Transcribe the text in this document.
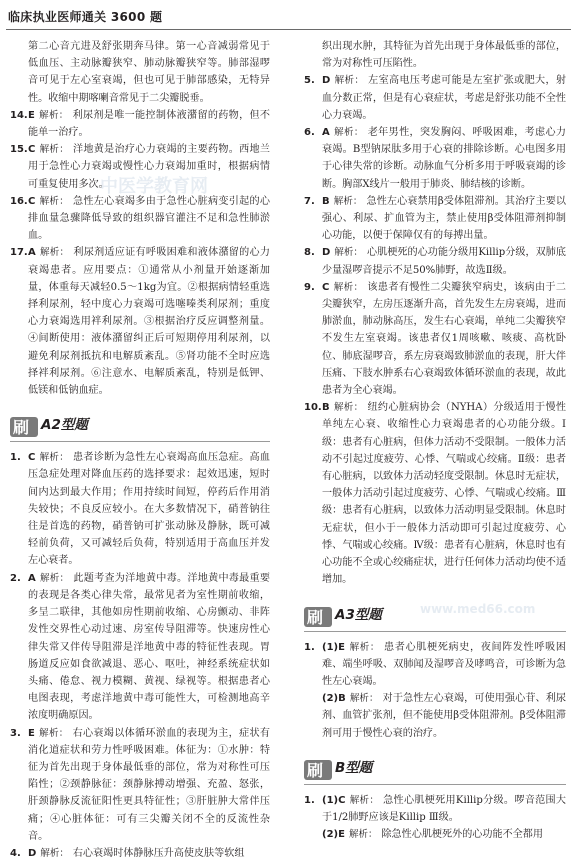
临床执业医师通关 3600 题

第二心音亢进及舒张期奔马律。第一心音减弱常见于低血压、主动脉瓣狭窄、肺动脉瓣狭窄等。肺部湿啰音可见于左心室衰竭，但也可见于肺部感染，无特异性。收缩中期喀喇音常见于二尖瓣脱垂。

14. E 解析： 利尿剂是唯一能控制体液潴留的药物，但不能单一治疗。

15. C 解析： 洋地黄是治疗心力衰竭的主要药物。西地兰用于急性心力衰竭或慢性心力衰竭加重时，根据病情可重复使用多次。

16. C 解析： 急性左心衰竭多由于急性心脏病变引起的心排血量急骤降低导致的组织器官灌注不足和急性肺淤血。

17. A 解析： 利尿剂适应证有呼吸困难和液体潴留的心力衰竭患者。应用要点：①通常从小剂量开始逐渐加量，体重每天减轻0.5～1kg为宜。②根据病情轻重选择利尿剂，轻中度心力衰竭可选噻嗪类利尿剂；重度心力衰竭选用袢利尿剂。③根据治疗反应调整剂量。④间断使用：液体潴留纠正后可短期停用利尿剂，以避免利尿剂抵抗和电解质紊乱。⑤肾功能不全时应选择袢利尿剂。⑥注意水、电解质紊乱，特别是低钾、低镁和低钠血症。

刷 A2型题

1. C 解析： 患者诊断为急性左心衰竭高血压急症。高血压急症处理对降血压药的选择要求：起效迅速，短时间内达到最大作用；作用持续时间短，停药后作用消失较快；不良反应较小。在大多数情况下，硝普钠往往是首选的药物，硝普钠可扩张动脉及静脉，既可减轻前负荷，又可减轻后负荷，特别适用于高血压并发左心衰者。

2. A 解析： 此题考查为洋地黄中毒。洋地黄中毒最重要的表现是各类心律失常，最常见者为室性期前收缩，多呈二联律，其他如房性期前收缩、心房颤动、非阵发性交界性心动过速、房室传导阻滞等。快速房性心律失常又伴传导阻滞是洋地黄中毒的特征性表现。胃肠道反应如食欲减退、恶心、呕吐，神经系统症状如头痛、倦怠、视力模糊、黄视、绿视等。根据患者心电图表现，考虑洋地黄中毒可能性大，可检测地高辛浓度明确原因。

3. E 解析： 右心衰竭以体循环淤血的表现为主，症状有消化道症状和劳力性呼吸困难。体征为：①水肿：特征为首先出现于身体最低垂的部位，常为对称性可压陷性；②颈静脉征：颈静脉搏动增强、充盈、怒张，肝颈静脉反流征阳性更具特征性；③肝脏肿大常伴压痛；④心脏体征：可有三尖瓣关闭不全的反流性杂音。

4. D 解析： 右心衰竭时体静脉压升高使皮肤等软组

织出现水肿，其特征为首先出现于身体最低垂的部位，常为对称性可压陷性。

5. D 解析： 左室高电压考虑可能是左室扩张或肥大，射血分数正常，但是有心衰症状，考虑是舒张功能不全性心力衰竭。

6. A 解析： 老年男性，突发胸闷、呼吸困难，考虑心力衰竭。B型钠尿肽多用于心衰的排除诊断。心电图多用于心律失常的诊断。动脉血气分析多用于呼吸衰竭的诊断。胸部X线片一般用于肺炎、肺结核的诊断。

7. B 解析： 急性左心衰禁用β受体阻滞剂。其治疗主要以强心、利尿、扩血管为主，禁止使用β受体阻滞剂抑制心功能，以便于保障仅有的每搏出量。

8. D 解析： 心肌梗死的心功能分级用Killip分级，双肺底少量湿啰音提示不足50%肺野，故选Ⅱ级。

9. C 解析： 该患者有慢性二尖瓣狭窄病史，该病由于二尖瓣狭窄，左房压逐渐升高，首先发生左房衰竭，进而肺淤血，肺动脉高压，发生右心衰竭，单纯二尖瓣狭窄不发生左室衰竭。该患者仅1周咳嗽、咳痰、高枕卧位、肺底湿啰音，系左房衰竭致肺淤血的表现，肝大伴压痛、下肢水肿系右心衰竭致体循环淤血的表现，故此患者为全心衰竭。

10. B 解析： 纽约心脏病协会（NYHA）分级适用于慢性单纯左心衰、收缩性心力衰竭患者的心功能分级。Ⅰ级：患者有心脏病，但体力活动不受限制。一般体力活动不引起过度疲劳、心悸、气喘或心绞痛。Ⅱ级：患者有心脏病，以致体力活动轻度受限制。休息时无症状，一般体力活动引起过度疲劳、心悸、气喘或心绞痛。Ⅲ级：患者有心脏病，以致体力活动明显受限制。休息时无症状，但小于一般体力活动即可引起过度疲劳、心悸、气喘或心绞痛。Ⅳ级：患者有心脏病，休息时也有心功能不全或心绞痛症状，进行任何体力活动均使不适增加。

刷 A3型题

1. (1)E 解析： 患者心肌梗死病史，夜间阵发性呼吸困难、端坐呼吸、双肺闻及湿啰音及哮鸣音，可诊断为急性左心衰竭。

(2)B 解析： 对于急性左心衰竭，可使用强心苷、利尿剂、血管扩张剂，但不能使用β受体阻滞剂。β受体阻滞剂可用于慢性心衰的治疗。

刷 B型题

1. (1)C 解析： 急性心肌梗死用Killip分级。啰音范围大于1/2肺野应该是Killip Ⅲ级。

(2)E 解析： 除急性心肌梗死外的心功能不全都用

中医学教育网
www.med66.com
